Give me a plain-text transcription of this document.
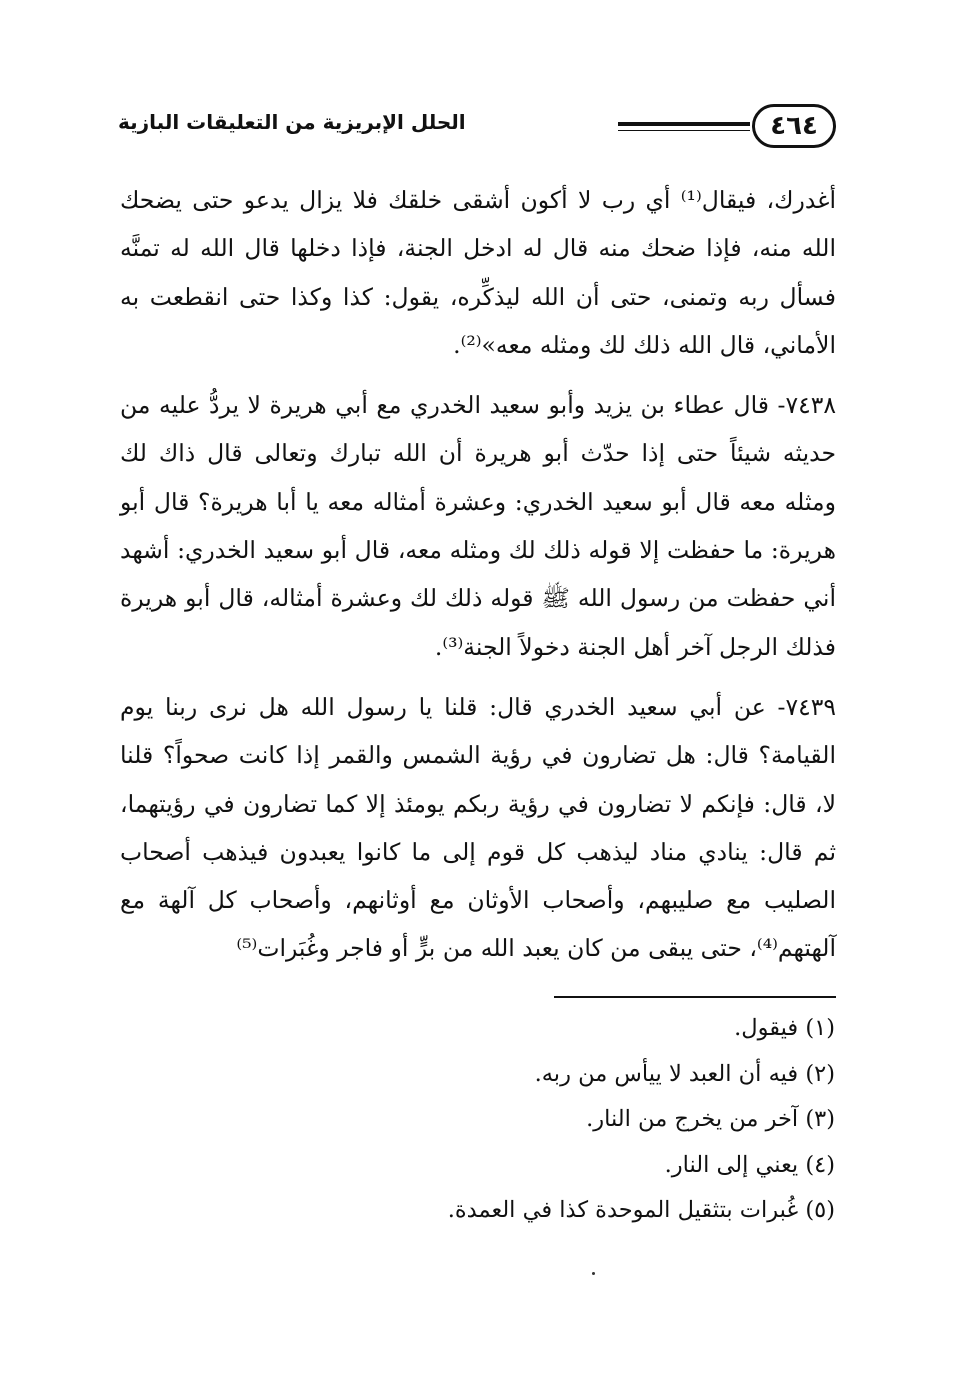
٤٦٤
الحلل الإبريزية من التعليقات البازية

أغدرك، فيقال⁽¹⁾ أي رب لا أكون أشقى خلقك فلا يزال يدعو حتى يضحك الله منه، فإذا ضحك منه قال له ادخل الجنة، فإذا دخلها قال الله له تمنَّه فسأل ربه وتمنى، حتى أن الله ليذكِّره، يقول: كذا وكذا حتى انقطعت به الأماني، قال الله ذلك لك ومثله معه»⁽²⁾.

٧٤٣٨- قال عطاء بن يزيد وأبو سعيد الخدري مع أبي هريرة لا يردُّ عليه من حديثه شيئاً حتى إذا حدّث أبو هريرة أن الله تبارك وتعالى قال ذاك لك ومثله معه قال أبو سعيد الخدري: وعشرة أمثاله معه يا أبا هريرة؟ قال أبو هريرة: ما حفظت إلا قوله ذلك لك ومثله معه، قال أبو سعيد الخدري: أشهد أني حفظت من رسول الله ﷺ قوله ذلك لك وعشرة أمثاله، قال أبو هريرة فذلك الرجل آخر أهل الجنة دخولاً الجنة⁽³⁾.

٧٤٣٩- عن أبي سعيد الخدري قال: قلنا يا رسول الله هل نرى ربنا يوم القيامة؟ قال: هل تضارون في رؤية الشمس والقمر إذا كانت صحواً؟ قلنا لا، قال: فإنكم لا تضارون في رؤية ربكم يومئذ إلا كما تضارون في رؤيتهما، ثم قال: ينادي مناد ليذهب كل قوم إلى ما كانوا يعبدون فيذهب أصحاب الصليب مع صليبهم، وأصحاب الأوثان مع أوثانهم، وأصحاب كل آلهة مع آلهتهم⁽⁴⁾، حتى يبقى من كان يعبد الله من برٍّ أو فاجر وغُبَرات⁽⁵⁾

(١) فيقول.

(٢) فيه أن العبد لا ييأس من ربه.

(٣) آخر من يخرج من النار.

(٤) يعني إلى النار.

(٥) غُبرات بتثقيل الموحدة كذا في العمدة.
